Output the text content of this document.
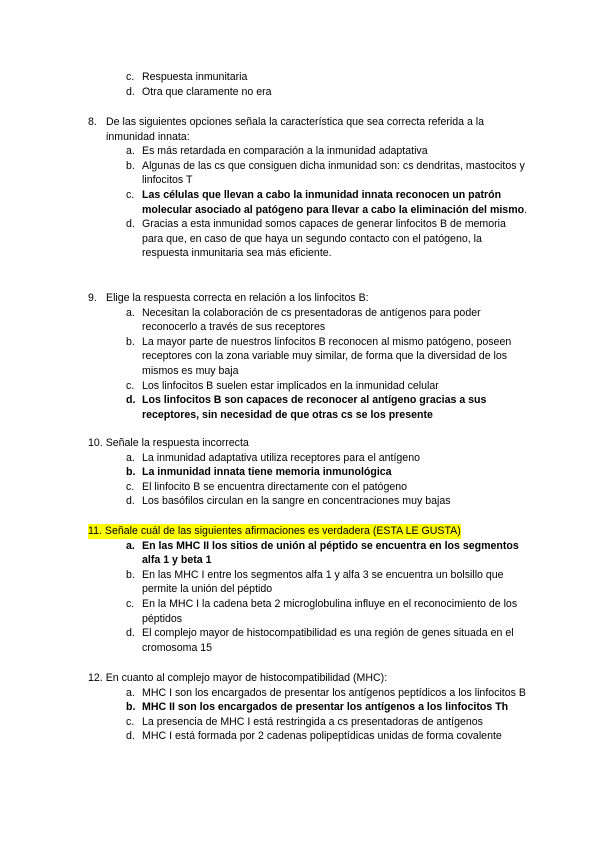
c. Respuesta inmunitaria
d. Otra que claramente no era
8. De las siguientes opciones señala la característica que sea correcta referida a la inmunidad innata:
a. Es más retardada en comparación a la inmunidad adaptativa
b. Algunas de las cs que consiguen dicha inmunidad son: cs dendritas, mastocitos y linfocitos T
c. Las células que llevan a cabo la inmunidad innata reconocen un patrón molecular asociado al patógeno para llevar a cabo la eliminación del mismo.
d. Gracias a esta inmunidad somos capaces de generar linfocitos B de memoria para que, en caso de que haya un segundo contacto con el patógeno, la respuesta inmunitaria sea más eficiente.
9. Elige la respuesta correcta en relación a los linfocitos B:
a. Necesitan la colaboración de cs presentadoras de antígenos para poder reconocerlo a través de sus receptores
b. La mayor parte de nuestros linfocitos B reconocen al mismo patógeno, poseen receptores con la zona variable muy similar, de forma que la diversidad de los mismos es muy baja
c. Los linfocitos B suelen estar implicados en la inmunidad celular
d. Los linfocitos B son capaces de reconocer al antígeno gracias a sus receptores, sin necesidad de que otras cs se los presente
10.
Señale la respuesta incorrecta
a. La inmunidad adaptativa utiliza receptores para el antígeno
b. La inmunidad innata tiene memoria inmunológica
c. El linfocito B se encuentra directamente con el patógeno
d. Los basófilos circulan en la sangre en concentraciones muy bajas
11. Señale cuál de las siguientes afirmaciones es verdadera (ESTA LE GUSTA)
a. En las MHC II los sitios de unión al péptido se encuentra en los segmentos alfa 1 y beta 1
b. En las MHC I entre los segmentos alfa 1 y alfa 3 se encuentra un bolsillo que permite la unión del péptido
c. En la MHC I la cadena beta 2 microglobulina influye en el reconocimiento de los péptidos
d. El complejo mayor de histocompatibilidad es una región de genes situada en el cromosoma 15
12.
En cuanto al complejo mayor de histocompatibilidad (MHC):
a. MHC I son los encargados de presentar los antígenos peptídicos a los linfocitos B
b. MHC II son los encargados de presentar los antígenos a los linfocitos Th
c. La presencia de MHC I está restringida a cs presentadoras de antígenos
d. MHC I está formada por 2 cadenas polipeptídicas unidas de forma covalente
